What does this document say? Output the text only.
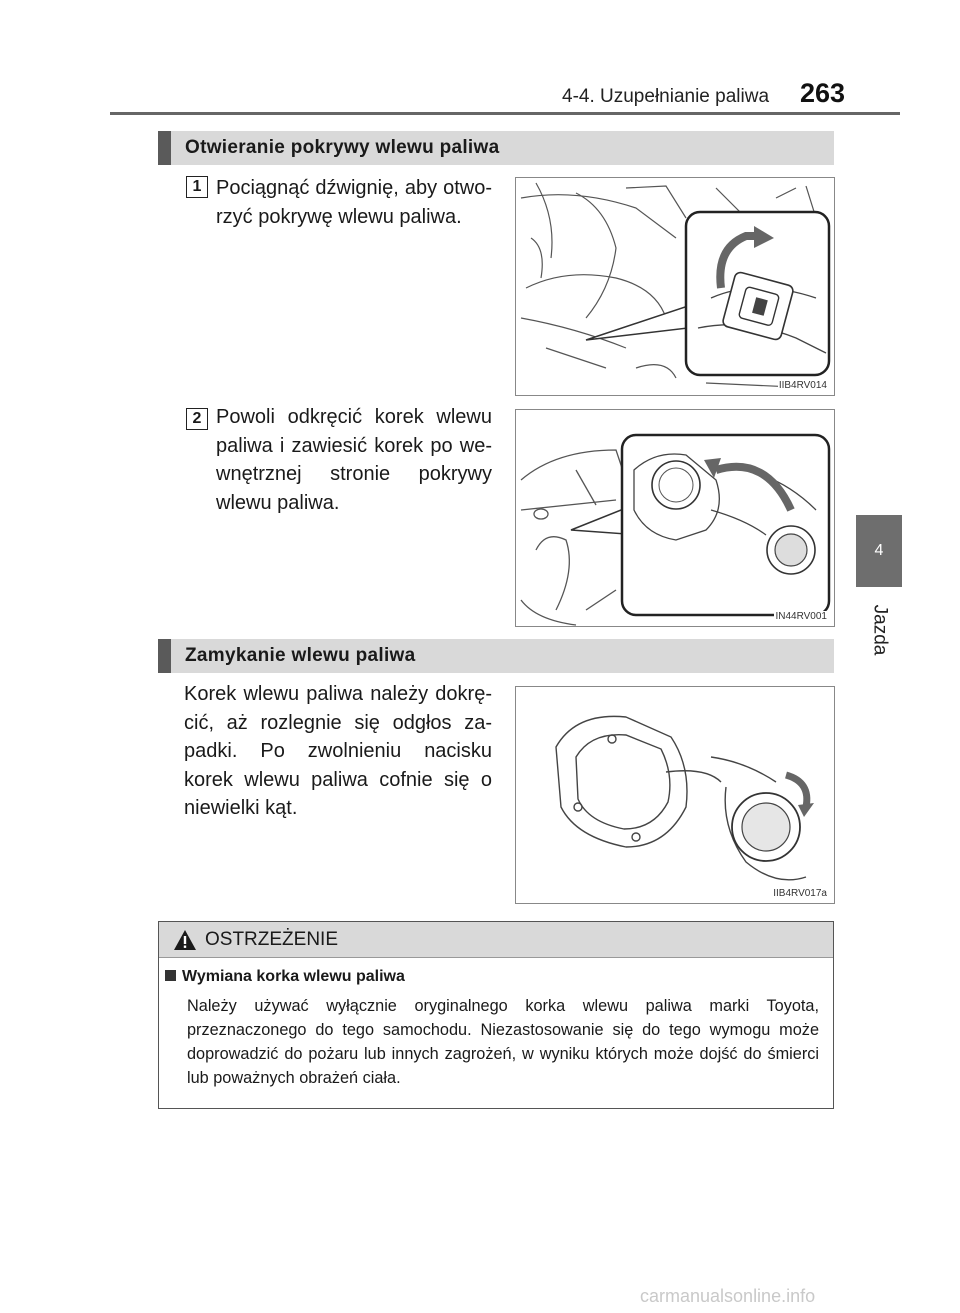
4-4. Uzupełnianie paliwa 263
4
Jazda
Otwieranie pokrywy wlewu paliwa
1 Pociągnąć dźwignię, aby otwo-rzyć pokrywę wlewu paliwa.
IIB4RV014
2 Powoli odkręcić korek wlewu paliwa i zawiesić korek po we-wnętrznej stronie pokrywy wlewu paliwa.
IN44RV001
Zamykanie wlewu paliwa
Korek wlewu paliwa należy dokrę-cić, aż rozlegnie się odgłos za-padki. Po zwolnieniu nacisku korek wlewu paliwa cofnie się o niewielki kąt.
IIB4RV017a
OSTRZEŻENIE
Wymiana korka wlewu paliwa
Należy używać wyłącznie oryginalnego korka wlewu paliwa marki Toyota, przeznaczonego do tego samochodu. Niezastosowanie się do tego wymogu może doprowadzić do pożaru lub innych zagrożeń, w wyniku których może dojść do śmierci lub poważnych obrażeń ciała.
carmanualsonline.info
